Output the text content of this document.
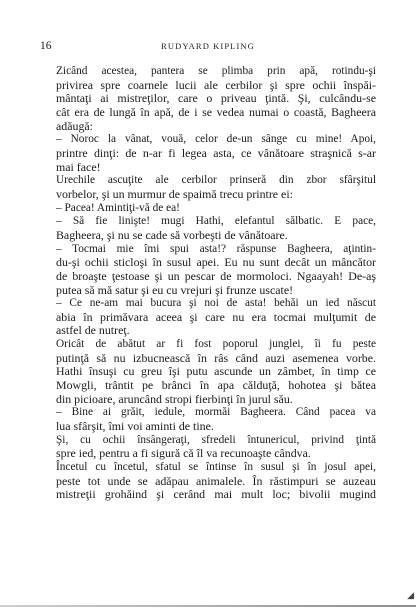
16	RUDYARD KIPLING

Zicând acestea, pantera se plimba prin apă, rotindu-şi
privirea spre coarnele lucii ale cerbilor şi spre ochii înspăi-
mântaţi ai mistreţilor, care o priveau ţintă. Şi, culcându-se
cât era de lungă în apă, de i se vedea numai o coastă, Bagheera
adăugă:

– Noroc la vânat, vouă, celor de-un sânge cu mine! Apoi,
printre dinţi: de n-ar fi legea asta, ce vânătoare straşnică s-ar
mai face!

Urechile ascuţite ale cerbilor prinseră din zbor sfârşitul
vorbelor, şi un murmur de spaimă trecu printre ei:

– Pacea! Amintiţi-vă de ea!

– Să fie linişte! mugi Hathi, elefantul sălbatic. E pace,
Bagheera, şi nu se cade să vorbeşti de vânătoare.

– Tocmai mie îmi spui asta!? răspunse Bagheera, aţintin-
du-şi ochii sticloşi în susul apei. Eu nu sunt decât un mâncător
de broaşte ţestoase şi un pescar de mormoloci. Ngaayah! De-aş
putea să mă satur şi eu cu vrejuri şi frunze uscate!

– Ce ne-am mai bucura şi noi de asta! behăi un ied născut
abia în primăvara aceea şi care nu era tocmai mulţumit de
astfel de nutreţ.

Oricât de abătut ar fi fost poporul junglei, îi fu peste
putinţă să nu izbucnească în râs când auzi asemenea vorbe.
Hathi însuşi cu greu îşi putu ascunde un zâmbet, în timp ce
Mowgli, trântit pe brânci în apa călduţă, hohotea şi bătea
din picioare, aruncând stropi fierbinţi în jurul său.

– Bine ai grăit, iedule, mormăi Bagheera. Când pacea va
lua sfârşit, îmi voi aminti de tine.

Şi, cu ochii însângeraţi, sfredeli întunericul, privind ţintă
spre ied, pentru a fi sigură că îl va recunoaşte cândva.

Încetul cu încetul, sfatul se întinse în susul şi în josul apei,
peste tot unde se adăpau animalele. În răstimpuri se auzeau
mistreţii grohăind şi cerând mai mult loc; bivolii mugind

◢
